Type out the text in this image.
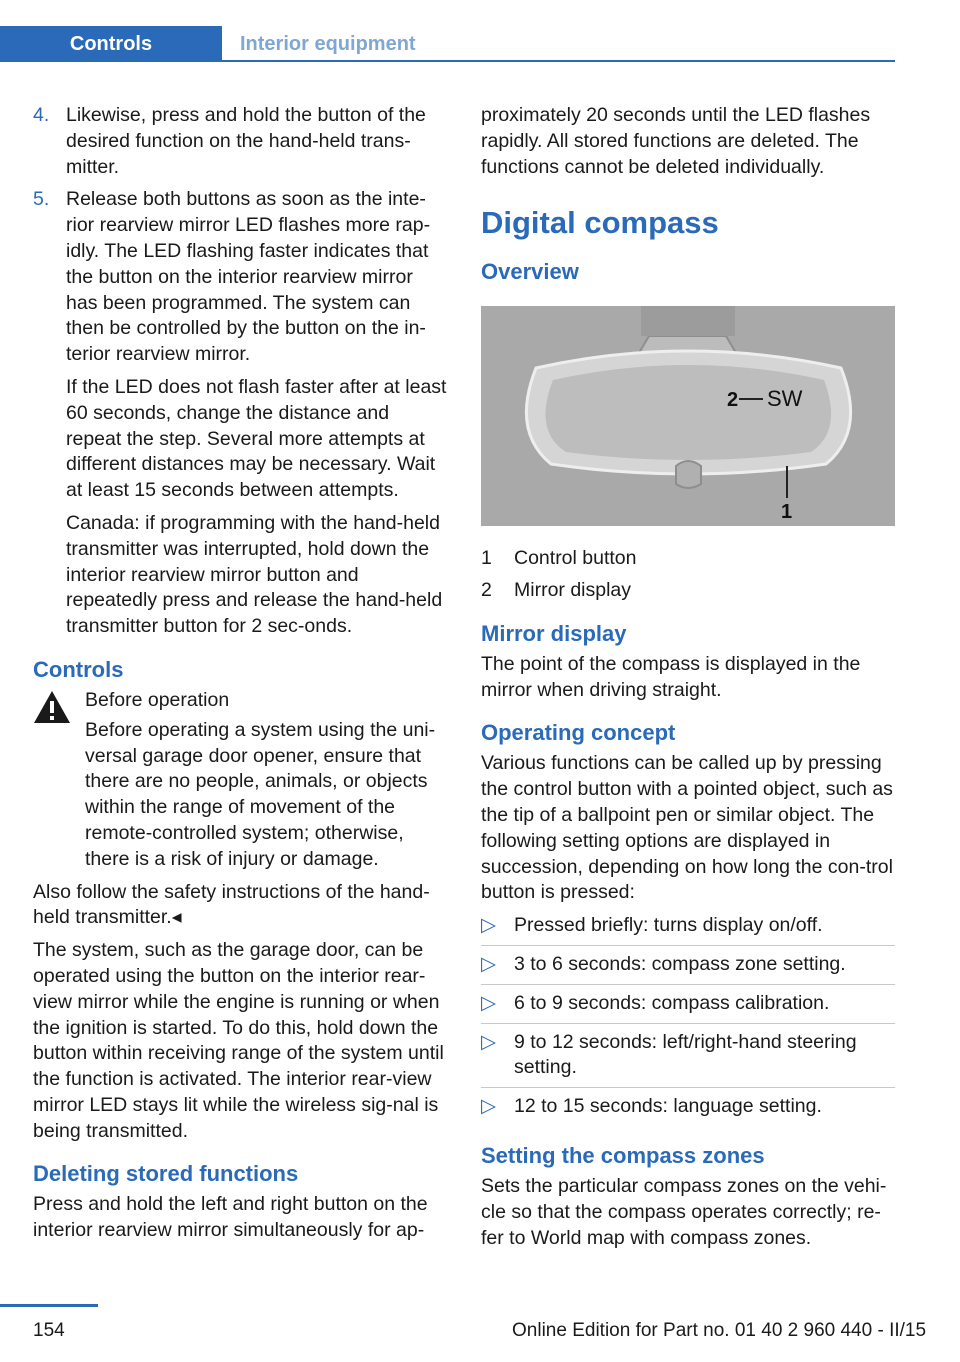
Controls	Interior equipment
4. Likewise, press and hold the button of the desired function on the hand-held trans-mitter.

5. Release both buttons as soon as the inte-rior rearview mirror LED flashes more rap-idly. The LED flashing faster indicates that the button on the interior rearview mirror has been programmed. The system can then be controlled by the button on the in-terior rearview mirror.

If the LED does not flash faster after at least 60 seconds, change the distance and repeat the step. Several more attempts at different distances may be necessary. Wait at least 15 seconds between attempts.

Canada: if programming with the hand-held transmitter was interrupted, hold down the interior rearview mirror button and repeatedly press and release the hand-held transmitter button for 2 sec-onds.

Controls

Before operation

Before operating a system using the uni-versal garage door opener, ensure that there are no people, animals, or objects within the range of movement of the remote-controlled system; otherwise, there is a risk of injury or damage.

Also follow the safety instructions of the hand-held transmitter.◂

The system, such as the garage door, can be operated using the button on the interior rear-view mirror while the engine is running or when the ignition is started. To do this, hold down the button within receiving range of the system until the function is activated. The interior rear-view mirror LED stays lit while the wireless sig-nal is being transmitted.

Deleting stored functions

Press and hold the left and right button on the interior rearview mirror simultaneously for ap-

proximately 20 seconds until the LED flashes rapidly. All stored functions are deleted. The functions cannot be deleted individually.

Digital compass
Overview
2 SW
1
1	Control button
2	Mirror display
Mirror display

The point of the compass is displayed in the mirror when driving straight.

Operating concept

Various functions can be called up by pressing the control button with a pointed object, such as the tip of a ballpoint pen or similar object. The following setting options are displayed in succession, depending on how long the con-trol button is pressed:

▷ Pressed briefly: turns display on/off.
▷ 3 to 6 seconds: compass zone setting.
▷ 6 to 9 seconds: compass calibration.
▷ 9 to 12 seconds: left/right-hand steering setting.
▷ 12 to 15 seconds: language setting.
Setting the compass zones

Sets the particular compass zones on the vehi-cle so that the compass operates correctly; re-fer to World map with compass zones.

154	Online Edition for Part no. 01 40 2 960 440 - II/15
